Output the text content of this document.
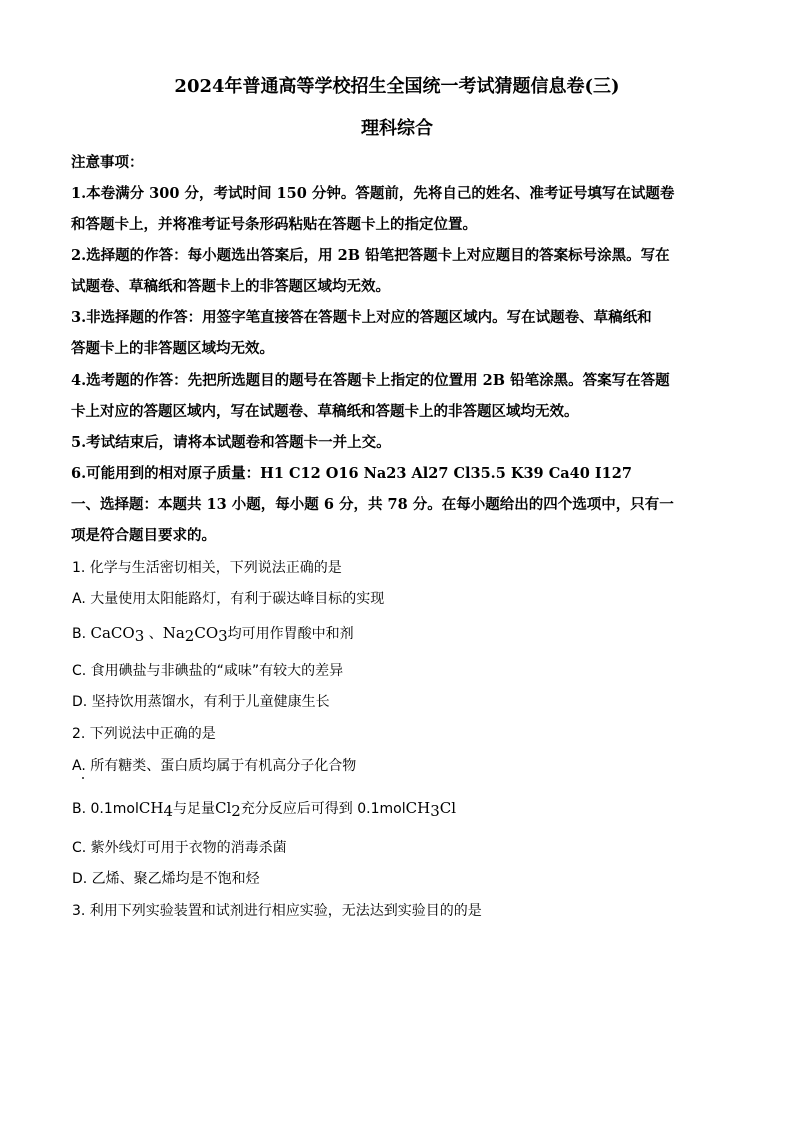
2024年普通高等学校招生全国统一考试猜题信息卷(三)
理科综合
注意事项：
1.本卷满分 300 分，考试时间 150 分钟。答题前，先将自己的姓名、准考证号填写在试题卷
和答题卡上，并将准考证号条形码粘贴在答题卡上的指定位置。
2.选择题的作答：每小题选出答案后，用 2B 铅笔把答题卡上对应题目的答案标号涂黑。写在
试题卷、草稿纸和答题卡上的非答题区域均无效。
3.非选择题的作答：用签字笔直接答在答题卡上对应的答题区域内。写在试题卷、草稿纸和
答题卡上的非答题区域均无效。
4.选考题的作答：先把所选题目的题号在答题卡上指定的位置用 2B 铅笔涂黑。答案写在答题
卡上对应的答题区域内，写在试题卷、草稿纸和答题卡上的非答题区域均无效。
5.考试结束后，请将本试题卷和答题卡一并上交。
6.可能用到的相对原子质量：H1 C12 O16 Na23 Al27 Cl35.5 K39 Ca40 I127
一、选择题：本题共 13 小题，每小题 6 分，共 78 分。在每小题给出的四个选项中，只有一
项是符合题目要求的。
1. 化学与生活密切相关，下列说法正确的是
A. 大量使用太阳能路灯，有利于碳达峰目标的实现
B. CaCO$_3$ 、$Na_2CO_3$均可用作胃酸中和剂
C. 食用碘盐与非碘盐的“咸味”有较大的差异
D. 坚持饮用蒸馏水，有利于儿童健康生长
2. 下列说法中正确的是
A. 所有糖类、蛋白质均属于有机高分子化合物
B. 0.1molCH$_4$与足量$Cl_2$充分反应后可得到 0.1molCH$_3$Cl
C. 紫外线灯可用于衣物的消毒杀菌
D. 乙烯、聚乙烯均是不饱和烃
3. 利用下列实验装置和试剂进行相应实验，无法达到实验目的的是
